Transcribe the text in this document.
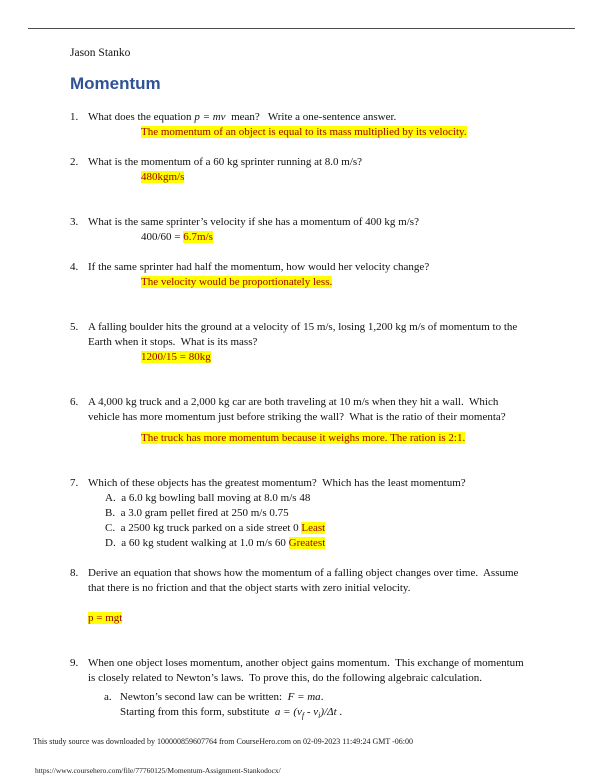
Jason Stanko
Momentum
1. What does the equation p = mv  mean?   Write a one-sentence answer.
The momentum of an object is equal to its mass multiplied by its velocity.
2. What is the momentum of a 60 kg sprinter running at 8.0 m/s?
480kgm/s
3. What is the same sprinter’s velocity if she has a momentum of 400 kg m/s?
400/60 = 6.7m/s
4. If the same sprinter had half the momentum, how would her velocity change?
The velocity would be proportionately less.
5. A falling boulder hits the ground at a velocity of 15 m/s, losing 1,200 kg m/s of momentum to the
Earth when it stops.  What is its mass?
1200/15 = 80kg
6. A 4,000 kg truck and a 2,000 kg car are both traveling at 10 m/s when they hit a wall.  Which
vehicle has more momentum just before striking the wall?  What is the ratio of their momenta?
The truck has more momentum because it weighs more. The ration is 2:1.
7. Which of these objects has the greatest momentum?  Which has the least momentum?
A.  a 6.0 kg bowling ball moving at 8.0 m/s 48
B.  a 3.0 gram pellet fired at 250 m/s 0.75
C.  a 2500 kg truck parked on a side street 0 Least
D.  a 60 kg student walking at 1.0 m/s 60 Greatest
8. Derive an equation that shows how the momentum of a falling object changes over time.  Assume
that there is no friction and that the object starts with zero initial velocity.
p = mgt
9. When one object loses momentum, another object gains momentum.  This exchange of momentum
is closely related to Newton’s laws.  To prove this, do the following algebraic calculation.
a.   Newton’s second law can be written:  F = ma.
Starting from this form, substitute  $a = (v_f - v_i)/\Delta t$ .
This study source was downloaded by 100000859607764 from CourseHero.com on 02-09-2023 11:49:24 GMT -06:00
https://www.coursehero.com/file/77760125/Momentum-Assignment-Stankodocx/
